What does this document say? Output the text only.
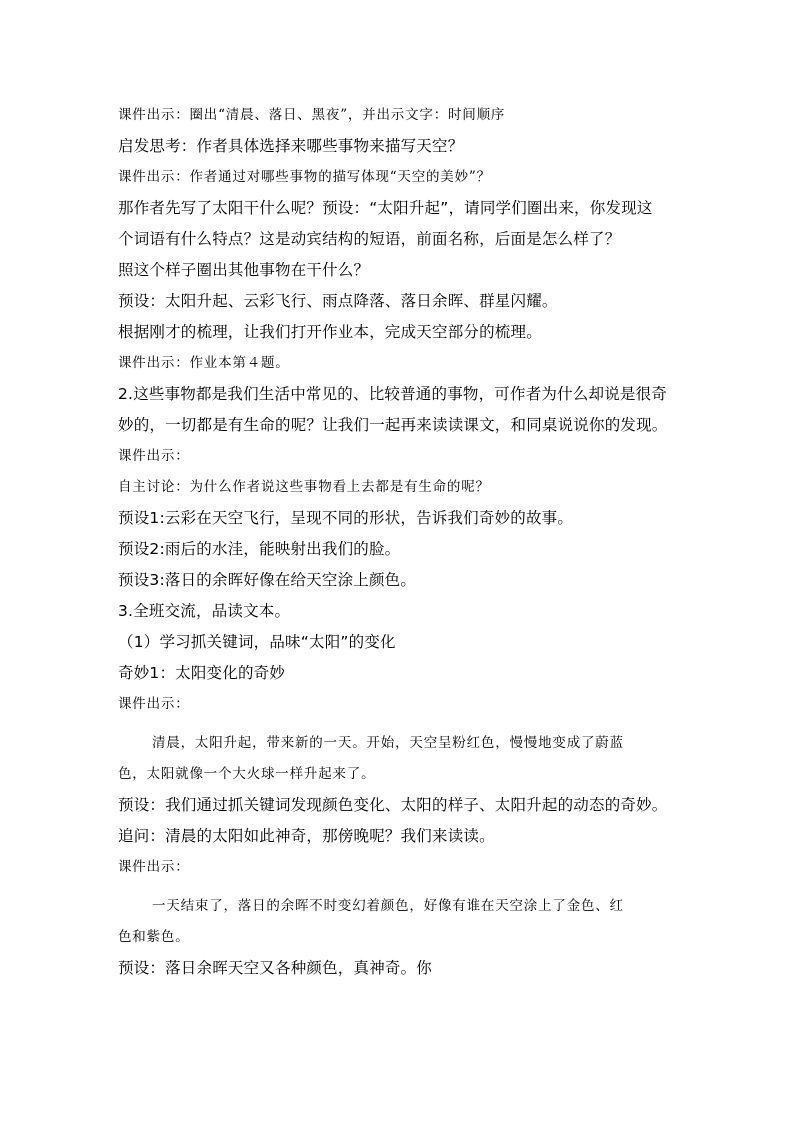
课件出示：圈出“清晨、落日、黑夜”，并出示文字：时间顺序
启发思考：作者具体选择来哪些事物来描写天空？
课件出示：作者通过对哪些事物的描写体现“天空的美妙”？
那作者先写了太阳干什么呢？预设：“太阳升起”，请同学们圈出来，你发现这
个词语有什么特点？这是动宾结构的短语，前面名称，后面是怎么样了？
照这个样子圈出其他事物在干什么？
预设：太阳升起、云彩飞行、雨点降落、落日余晖、群星闪耀。
根据刚才的梳理，让我们打开作业本，完成天空部分的梳理。
课件出示：作业本第４题。
2.这些事物都是我们生活中常见的、比较普通的事物，可作者为什么却说是很奇
妙的，一切都是有生命的呢？让我们一起再来读读课文，和同桌说说你的发现。
课件出示：
自主讨论：为什么作者说这些事物看上去都是有生命的呢？
预设1:云彩在天空飞行，呈现不同的形状，告诉我们奇妙的故事。
预设2:雨后的水洼，能映射出我们的脸。
预设3:落日的余晖好像在给天空涂上颜色。
3.全班交流，品读文本。
（1）学习抓关键词，品味“太阳”的变化
奇妙1：太阳变化的奇妙
课件出示：
清晨，太阳升起，带来新的一天。开始，天空呈粉红色，慢慢地变成了蔚蓝
色，太阳就像一个大火球一样升起来了。
预设：我们通过抓关键词发现颜色变化、太阳的样子、太阳升起的动态的奇妙。
追问：清晨的太阳如此神奇，那傍晚呢？我们来读读。
课件出示：
一天结束了，落日的余晖不时变幻着颜色，好像有谁在天空涂上了金色、红
色和紫色。
预设：落日余晖天空又各种颜色，真神奇。你
